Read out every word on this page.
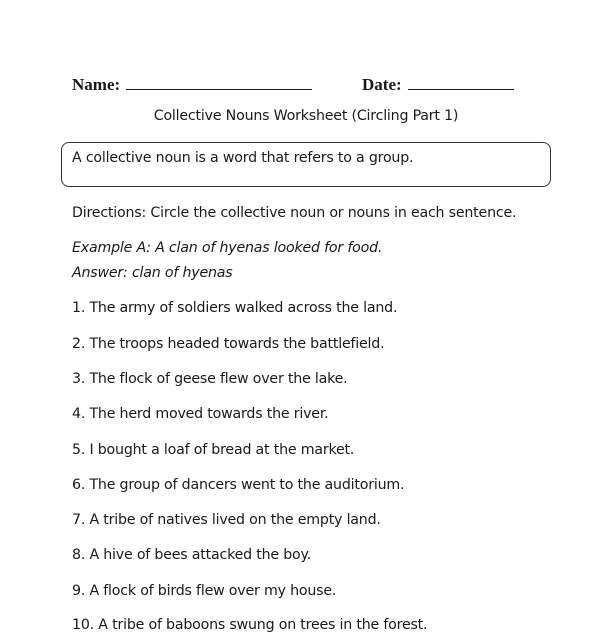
Name:	Date:
Collective Nouns Worksheet (Circling Part 1)
A collective noun is a word that refers to a group.
Directions: Circle the collective noun or nouns in each sentence.
Example A: A clan of hyenas looked for food.
Answer: clan of hyenas
1. The army of soldiers walked across the land.
2. The troops headed towards the battlefield.
3. The flock of geese flew over the lake.
4. The herd moved towards the river.
5. I bought a loaf of bread at the market.
6. The group of dancers went to the auditorium.
7. A tribe of natives lived on the empty land.
8. A hive of bees attacked the boy.
9. A flock of birds flew over my house.
10. A tribe of baboons swung on trees in the forest.
